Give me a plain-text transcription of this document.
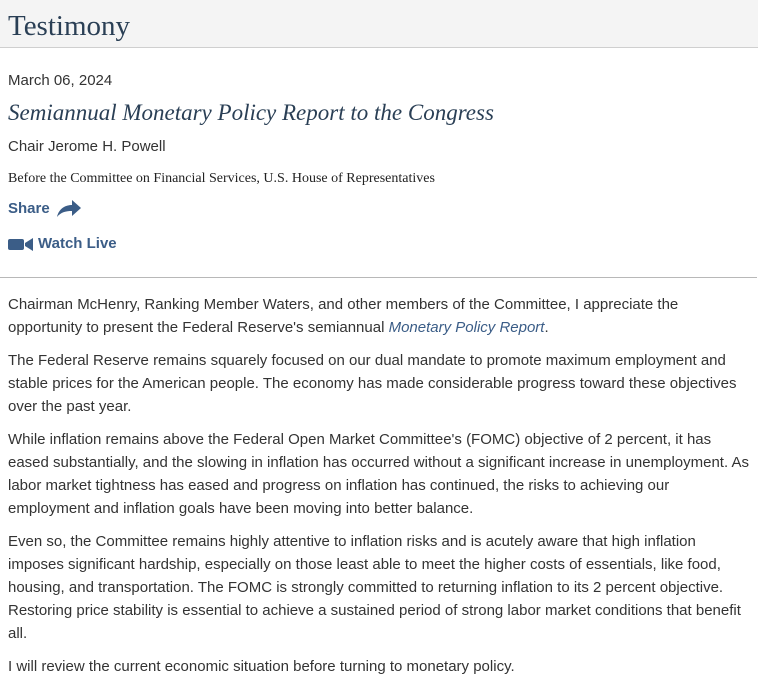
Testimony
March 06, 2024
Semiannual Monetary Policy Report to the Congress
Chair Jerome H. Powell
Before the Committee on Financial Services, U.S. House of Representatives
Share
Watch Live

Chairman McHenry, Ranking Member Waters, and other members of the Committee, I appreciate the opportunity to present the Federal Reserve's semiannual Monetary Policy Report.

The Federal Reserve remains squarely focused on our dual mandate to promote maximum employment and stable prices for the American people. The economy has made considerable progress toward these objectives over the past year.

While inflation remains above the Federal Open Market Committee's (FOMC) objective of 2 percent, it has eased substantially, and the slowing in inflation has occurred without a significant increase in unemployment. As labor market tightness has eased and progress on inflation has continued, the risks to achieving our employment and inflation goals have been moving into better balance.

Even so, the Committee remains highly attentive to inflation risks and is acutely aware that high inflation imposes significant hardship, especially on those least able to meet the higher costs of essentials, like food, housing, and transportation. The FOMC is strongly committed to returning inflation to its 2 percent objective. Restoring price stability is essential to achieve a sustained period of strong labor market conditions that benefit all.

I will review the current economic situation before turning to monetary policy.
